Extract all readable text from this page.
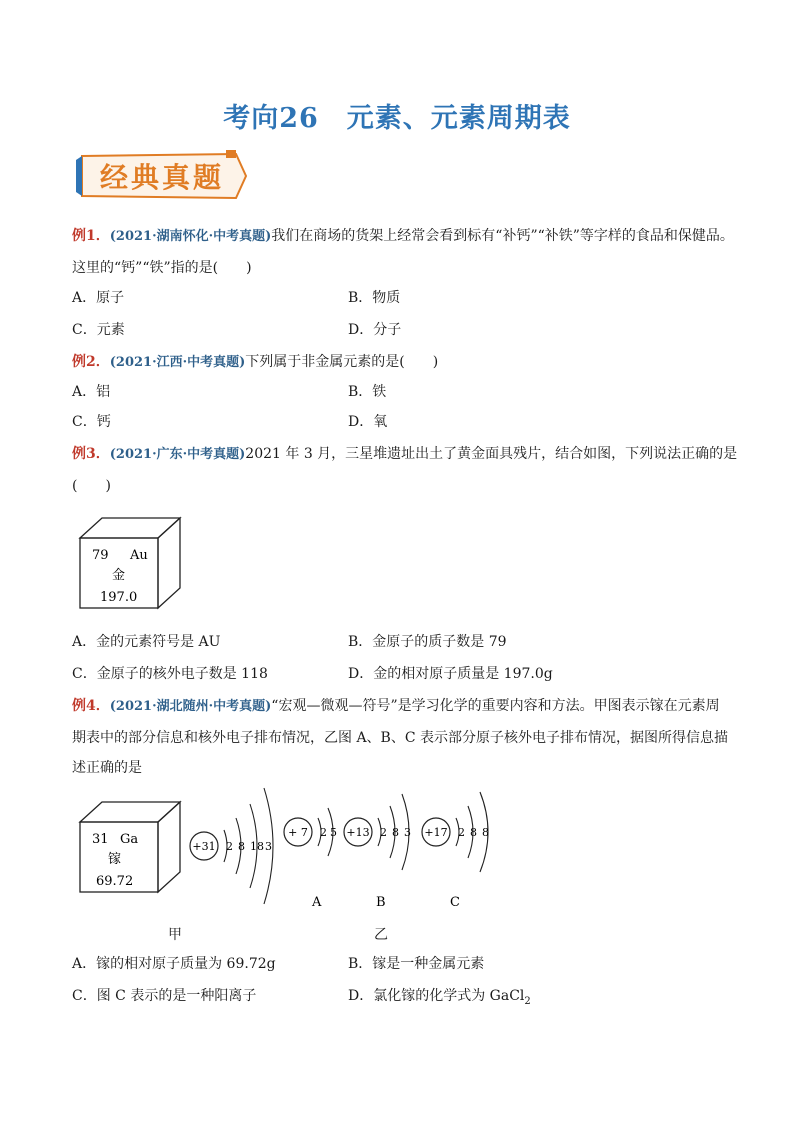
考向26　元素、元素周期表
经典真题
例1．(2021·湖南怀化·中考真题)我们在商场的货架上经常会看到标有“补钙”“补铁”等字样的食品和保健品。
这里的“钙”“铁”指的是(　　)
A．原子	B．物质
C．元素	D．分子
例2．(2021·江西·中考真题)下列属于非金属元素的是(　　)
A．铝	B．铁
C．钙	D．氧
例3．(2021·广东·中考真题)2021 年 3 月，三星堆遗址出土了黄金面具残片，结合如图，下列说法正确的是
(　　)
79 Au
金
197.0
A．金的元素符号是 AU	B．金原子的质子数是 79
C．金原子的核外电子数是 118	D．金的相对原子质量是 197.0g
例4．(2021·湖北随州·中考真题)“宏观—微观—符号”是学习化学的重要内容和方法。甲图表示镓在元素周
期表中的部分信息和核外电子排布情况，乙图 A、B、C 表示部分原子核外电子排布情况，据图所得信息描
述正确的是
31 Ga
镓
69.72
+31 2 8 18 3
+ 7 2 5
A
+13 2 8 3
B
+17 2 8 8
C
甲	乙
A．镓的相对原子质量为 69.72g	B．镓是一种金属元素
C．图 C 表示的是一种阳离子	D．氯化镓的化学式为 GaCl$_2$
